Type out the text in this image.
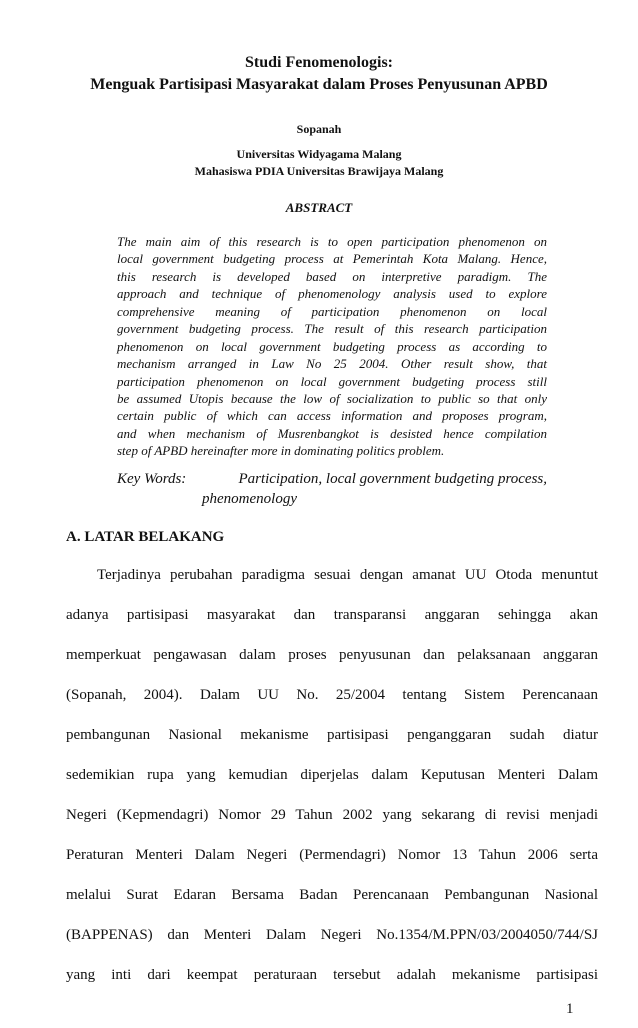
Studi Fenomenologis:
Menguak Partisipasi Masyarakat dalam Proses Penyusunan APBD
Sopanah
Universitas Widyagama Malang
Mahasiswa PDIA Universitas Brawijaya Malang
ABSTRACT
The main aim of this research is to open participation phenomenon on
local government budgeting process at Pemerintah Kota Malang. Hence,
this research is developed based on interpretive paradigm. The
approach and technique of phenomenology analysis used to explore
comprehensive meaning of participation phenomenon on local
government budgeting process. The result of this research participation
phenomenon on local government budgeting process as according to
mechanism arranged in Law No 25 2004. Other result show, that
participation phenomenon on local government budgeting process still
be assumed Utopis because the low of socialization to public so that only
certain public of which can access information and proposes program,
and when mechanism of Musrenbangkot is desisted hence compilation
step of APBD hereinafter more in dominating politics problem.
Key Words:	Participation, local government budgeting process,
phenomenology
A. LATAR BELAKANG
Terjadinya perubahan paradigma sesuai dengan amanat UU Otoda menuntut
adanya partisipasi masyarakat dan transparansi anggaran sehingga akan
memperkuat pengawasan dalam proses penyusunan dan pelaksanaan anggaran
(Sopanah, 2004). Dalam UU No. 25/2004 tentang Sistem Perencanaan
pembangunan Nasional mekanisme partisipasi penganggaran sudah diatur
sedemikian rupa yang kemudian diperjelas dalam Keputusan Menteri Dalam
Negeri (Kepmendagri) Nomor 29 Tahun 2002 yang sekarang di revisi menjadi
Peraturan Menteri Dalam Negeri (Permendagri) Nomor 13 Tahun 2006 serta
melalui Surat Edaran Bersama Badan Perencanaan Pembangunan Nasional
(BAPPENAS) dan Menteri Dalam Negeri No.1354/M.PPN/03/2004050/744/SJ
yang inti dari keempat peraturaan tersebut adalah mekanisme partisipasi
1
